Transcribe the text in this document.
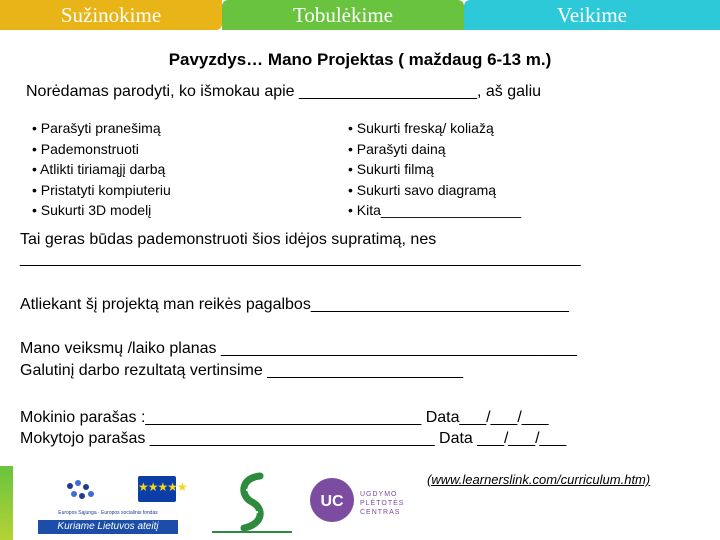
Sužinokime	Tobulėkime	Veikime
Pavyzdys… Mano Projektas ( maždaug 6-13 m.)
Norėdamas parodyti, ko išmokau apie ____________________, aš galiu
• Parašyti pranešimą
• Pademonstruoti
• Atlikti tiriamąjį darbą
• Pristatyti kompiuteriu
• Sukurti 3D modelį
• Sukurti freską/ koliažą
• Parašyti dainą
• Sukurti filmą
• Sukurti savo diagramą
• Kita__________________
Tai geras būdas pademonstruoti šios idėjos supratimą, nes
_______________________________________________________________
Atliekant šį projektą man reikės pagalbos_____________________________
Mano veiksmų /laiko planas ________________________________________
Galutinį darbo rezultatą vertinsime ______________________
Mokinio parašas :_______________________________ Data___/___/___
Mokytojo parašas ________________________________ Data ___/___/___
(www.learnerslink.com/curriculum.htm)
★★★★★
Europos Sąjunga · Europos socialinis fondas
Kuriame Lietuvos ateitį
UC UGDYMO
PLĖTOTĖS
CENTRAS
